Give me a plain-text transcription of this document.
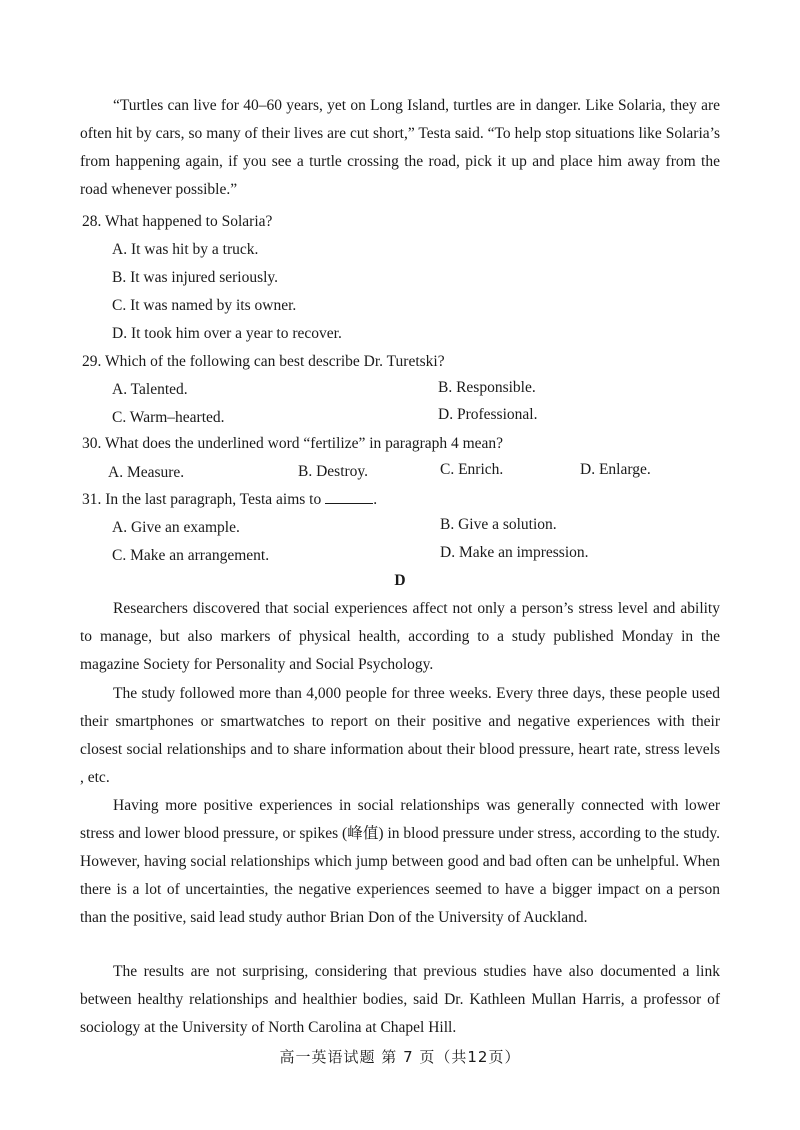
“Turtles can live for 40–60 years, yet on Long Island, turtles are in danger. Like Solaria, they are often hit by cars, so many of their lives are cut short,” Testa said. “To help stop situations like Solaria’s from happening again, if you see a turtle crossing the road, pick it up and place him away from the road whenever possible.”

28. What happened to Solaria?

A. It was hit by a truck.

B. It was injured seriously.

C. It was named by its owner.

D. It took him over a year to recover.

29. Which of the following can best describe Dr. Turetski?

A. Talented.	B. Responsible.

C. Warm–hearted.	D. Professional.

30. What does the underlined word “fertilize” in paragraph 4 mean?

A. Measure.	B. Destroy.	C. Enrich.	D. Enlarge.

31. In the last paragraph, Testa aims to	.

A. Give an example.	B. Give a solution.

C. Make an arrangement.	D. Make an impression.

D

Researchers discovered that social experiences affect not only a person’s stress level and ability to manage, but also markers of physical health, according to a study published Monday in the magazine Society for Personality and Social Psychology.

The study followed more than 4,000 people for three weeks. Every three days, these people used their smartphones or smartwatches to report on their positive and negative experiences with their closest social relationships and to share information about their blood pressure, heart rate, stress levels , etc.

Having more positive experiences in social relationships was generally connected with lower stress and lower blood pressure, or spikes (峰值) in blood pressure under stress, according to the study. However, having social relationships which jump between good and bad often can be unhelpful. When there is a lot of uncertainties, the negative experiences seemed to have a bigger impact on a person than the positive, said lead study author Brian Don of the University of Auckland.

The results are not surprising, considering that previous studies have also documented a link between healthy relationships and healthier bodies, said Dr. Kathleen Mullan Harris, a professor of sociology at the University of North Carolina at Chapel Hill.

高一英语试题 第 7 页（共12页）
